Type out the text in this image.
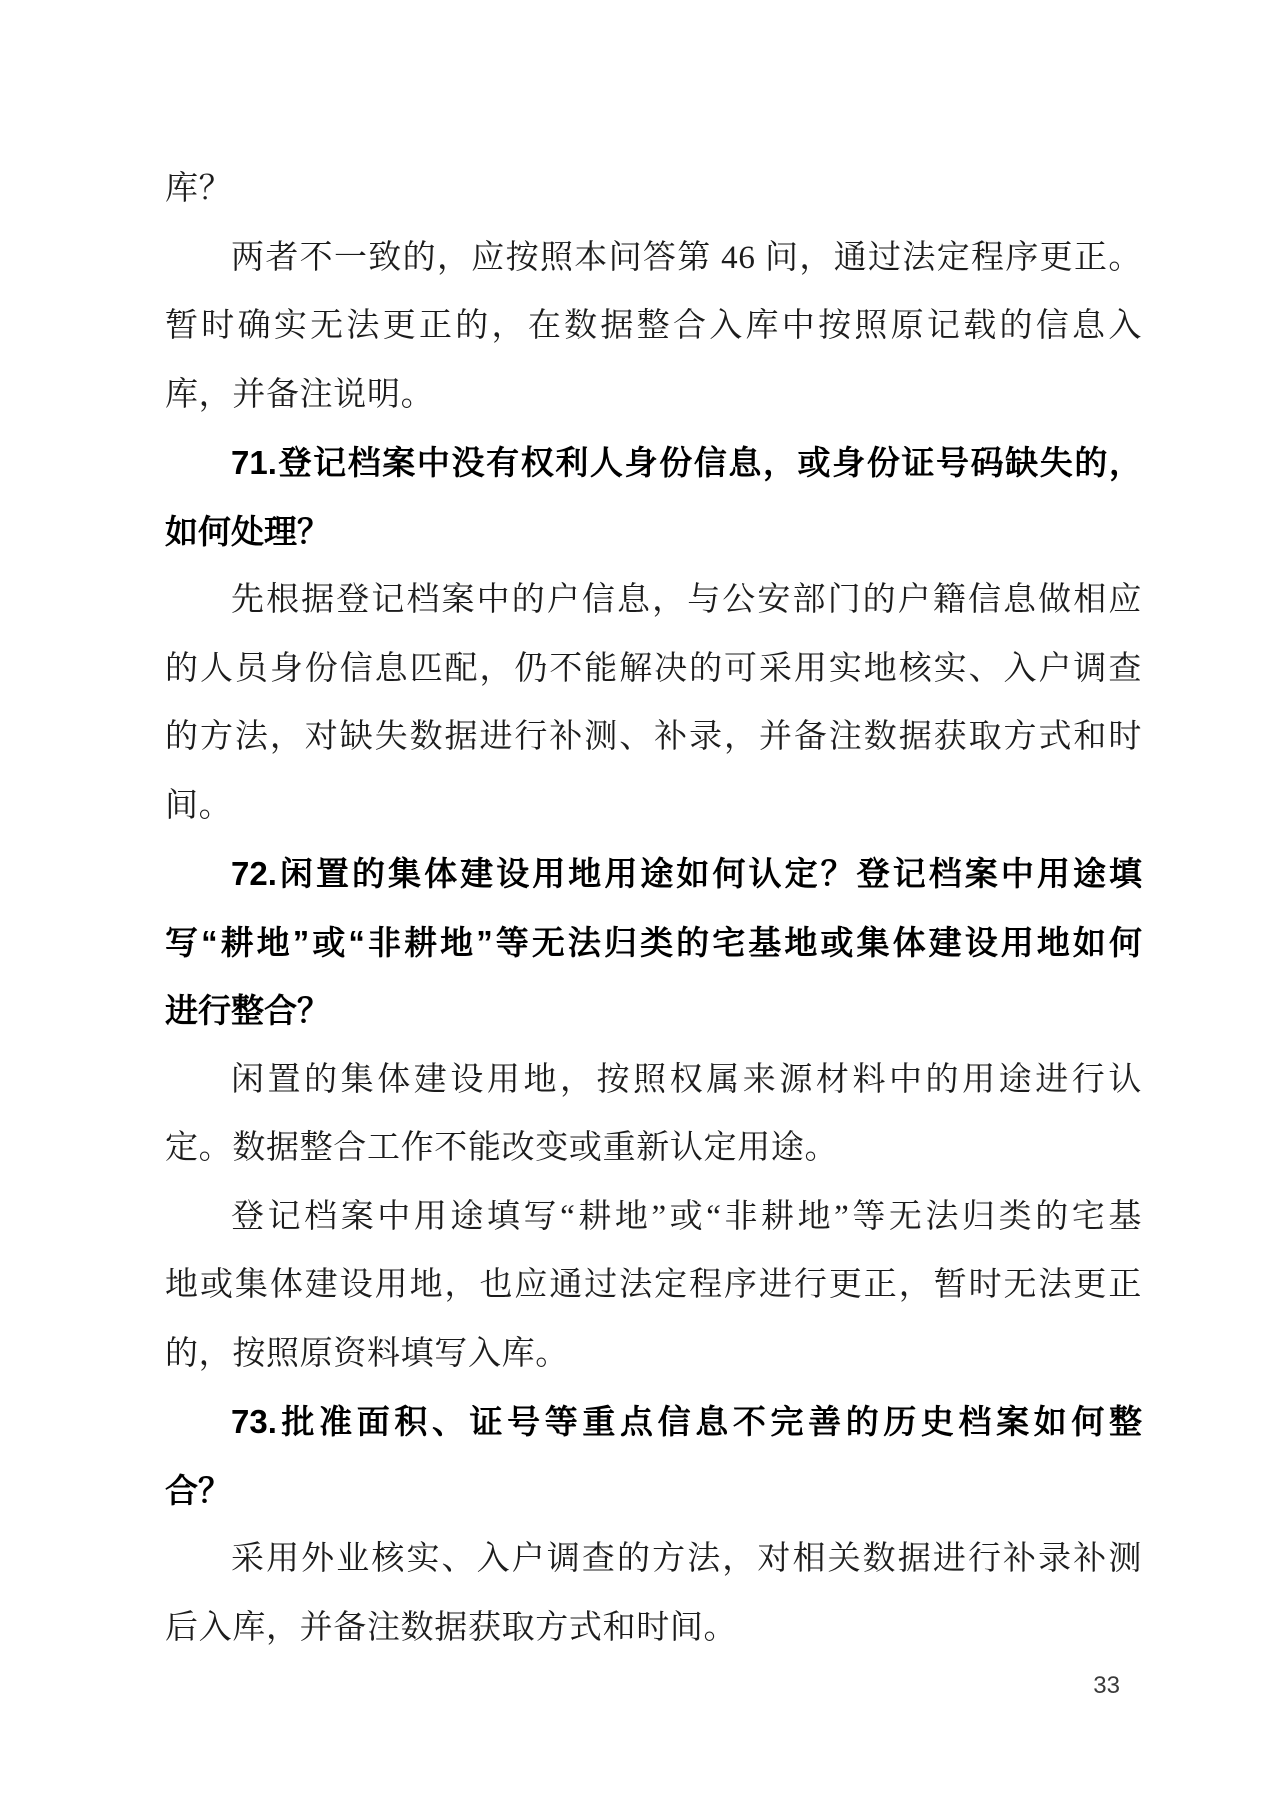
库？
两者不一致的，应按照本问答第 46 问，通过法定程序更正。
暂时确实无法更正的，在数据整合入库中按照原记载的信息入
库，并备注说明。
71.登记档案中没有权利人身份信息，或身份证号码缺失的，
如何处理？
先根据登记档案中的户信息，与公安部门的户籍信息做相应
的人员身份信息匹配，仍不能解决的可采用实地核实、入户调查
的方法，对缺失数据进行补测、补录，并备注数据获取方式和时
间。
72.闲置的集体建设用地用途如何认定？登记档案中用途填
写“耕地”或“非耕地”等无法归类的宅基地或集体建设用地如何
进行整合？
闲置的集体建设用地，按照权属来源材料中的用途进行认
定。数据整合工作不能改变或重新认定用途。
登记档案中用途填写“耕地”或“非耕地”等无法归类的宅基
地或集体建设用地，也应通过法定程序进行更正，暂时无法更正
的，按照原资料填写入库。
73.批准面积、证号等重点信息不完善的历史档案如何整
合？
采用外业核实、入户调查的方法，对相关数据进行补录补测
后入库，并备注数据获取方式和时间。
33
